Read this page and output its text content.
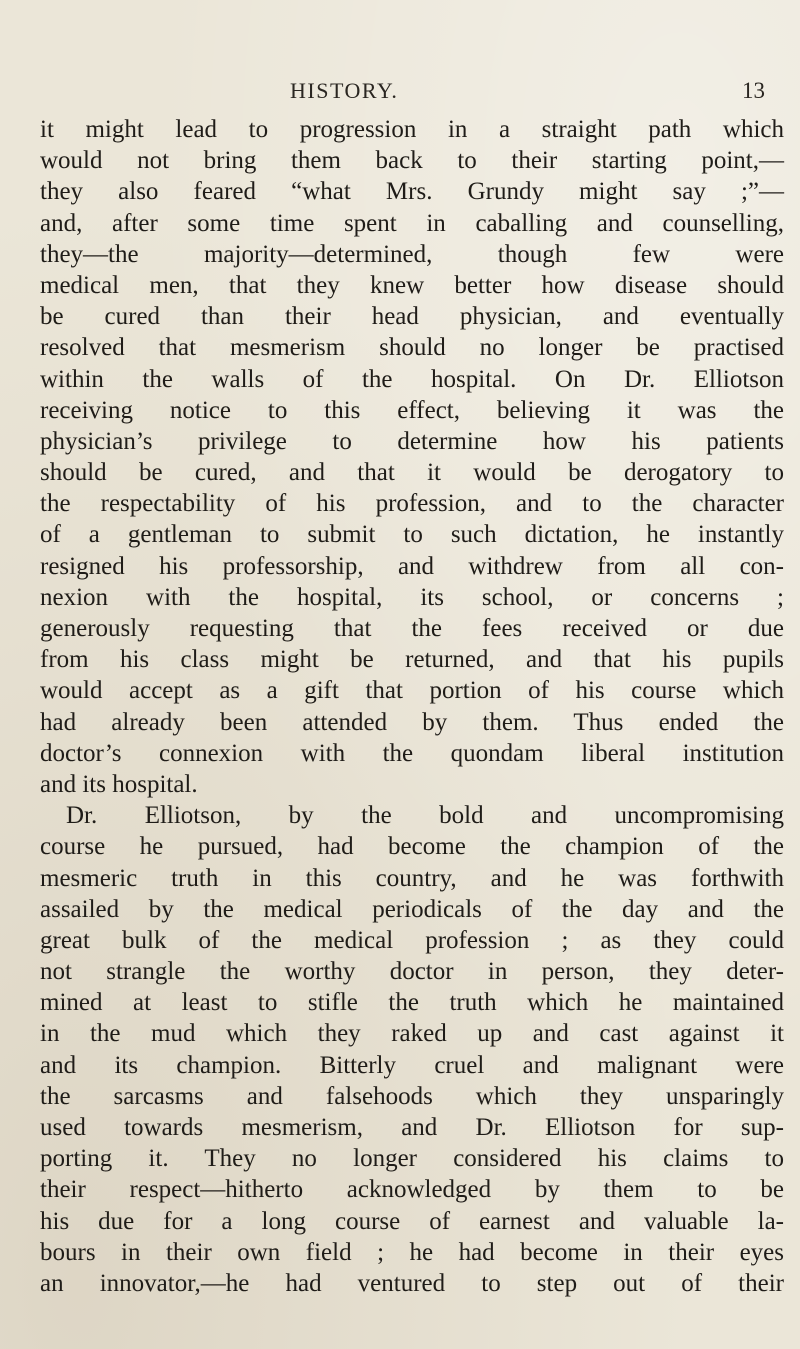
HISTORY.	13
it might lead to progression in a straight path which
would not bring them back to their starting point,—
they also feared “what Mrs. Grundy might say ;”—
and, after some time spent in caballing and counselling,
they—the majority—determined, though few were
medical men, that they knew better how disease should
be cured than their head physician, and eventually
resolved that mesmerism should no longer be practised
within the walls of the hospital. On Dr. Elliotson
receiving notice to this effect, believing it was the
physician’s privilege to determine how his patients
should be cured, and that it would be derogatory to
the respectability of his profession, and to the character
of a gentleman to submit to such dictation, he instantly
resigned his professorship, and withdrew from all con-
nexion with the hospital, its school, or concerns ;
generously requesting that the fees received or due
from his class might be returned, and that his pupils
would accept as a gift that portion of his course which
had already been attended by them. Thus ended the
doctor’s connexion with the quondam liberal institution
and its hospital.
Dr. Elliotson, by the bold and uncompromising
course he pursued, had become the champion of the
mesmeric truth in this country, and he was forthwith
assailed by the medical periodicals of the day and the
great bulk of the medical profession ; as they could
not strangle the worthy doctor in person, they deter-
mined at least to stifle the truth which he maintained
in the mud which they raked up and cast against it
and its champion. Bitterly cruel and malignant were
the sarcasms and falsehoods which they unsparingly
used towards mesmerism, and Dr. Elliotson for sup-
porting it. They no longer considered his claims to
their respect—hitherto acknowledged by them to be
his due for a long course of earnest and valuable la-
bours in their own field ; he had become in their eyes
an innovator,—he had ventured to step out of their
